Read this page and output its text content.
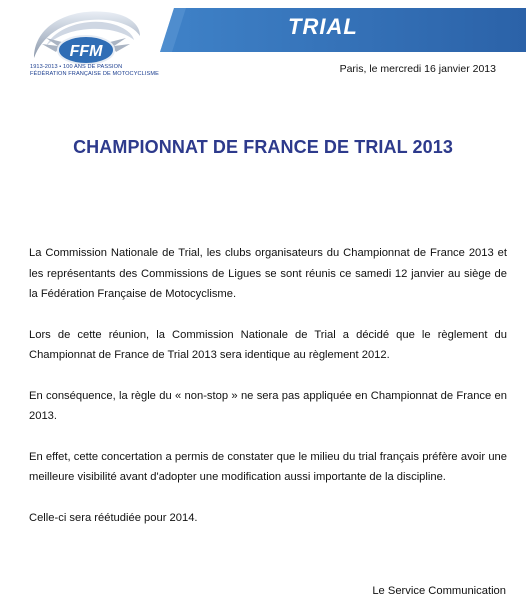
FFM
1913-2013 • 100 ANS DE PASSION
FÉDÉRATION FRANÇAISE DE MOTOCYCLISME
TRIAL
Paris, le mercredi 16 janvier 2013
CHAMPIONNAT DE FRANCE DE TRIAL 2013

La Commission Nationale de Trial, les clubs organisateurs du Championnat de France 2013 et les représentants des Commissions de Ligues se sont réunis ce samedi 12 janvier au siège de la Fédération Française de Motocyclisme.

Lors de cette réunion, la Commission Nationale de Trial a décidé que le règlement du Championnat de France de Trial 2013 sera identique au règlement 2012.

En conséquence, la règle du « non-stop » ne sera pas appliquée en Championnat de France en 2013.

En effet, cette concertation a permis de constater que le milieu du trial français préfère avoir une meilleure visibilité avant d'adopter une modification aussi importante de la discipline.

Celle-ci sera réétudiée pour 2014.

Le Service Communication
